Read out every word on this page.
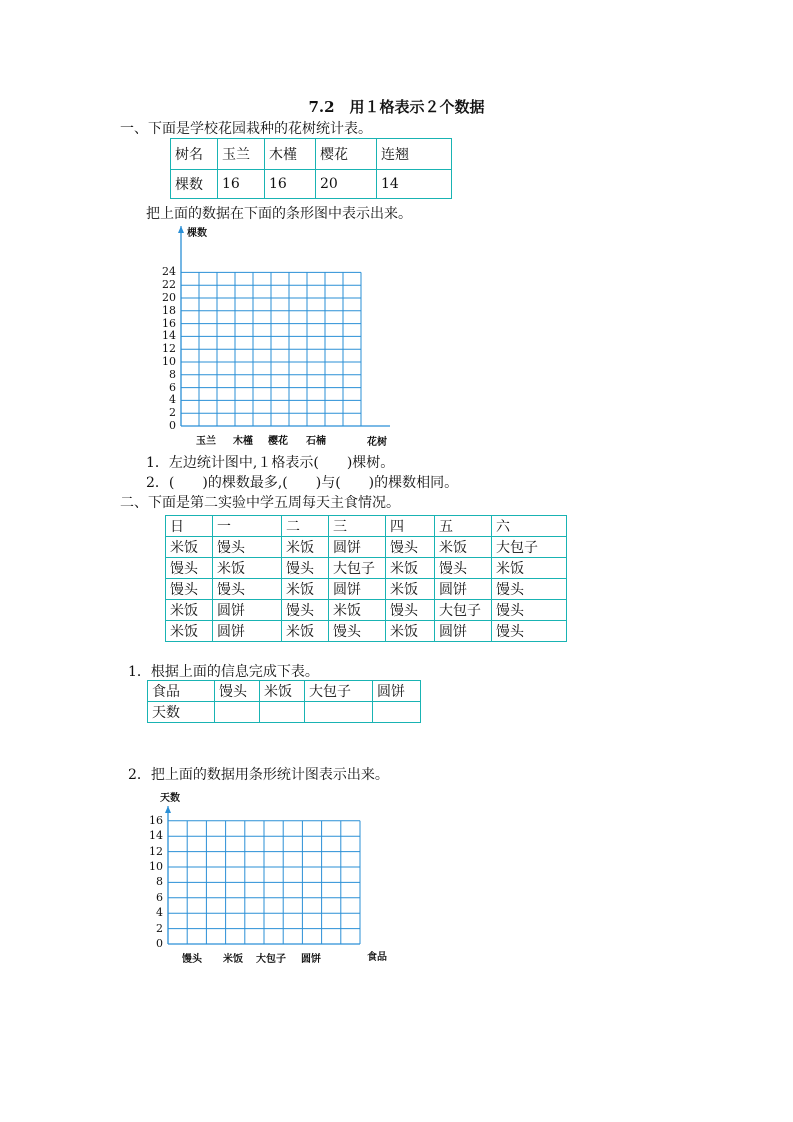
7.2　用１格表示２个数据
一、下面是学校花园栽种的花树统计表。
树名	玉兰	木槿	樱花	连翘
棵数	16	16	20	14
把上面的数据在下面的条形图中表示出来。
棵数
花树
24
22
20
18
16
14
12
10
8
6
4
2
0
玉兰 木槿 樱花 石楠
1．左边统计图中,１格表示(　　)棵树。
2．(　　)的棵数最多,(　　)与(　　)的棵数相同。
二、下面是第二实验中学五周每天主食情况。
日	一	二	三	四	五	六
米饭	馒头	米饭	圆饼	馒头	米饭	大包子
馒头	米饭	馒头	大包子	米饭	馒头	米饭
馒头	馒头	米饭	圆饼	米饭	圆饼	馒头
米饭	圆饼	馒头	米饭	馒头	大包子	馒头
米饭	圆饼	米饭	馒头	米饭	圆饼	馒头
1．根据上面的信息完成下表。
食品	馒头	米饭	大包子	圆饼
天数				
2．把上面的数据用条形统计图表示出来。
天数
食品
16
14
12
10
8
6
4
2
0
馒头 米饭 大包子 圆饼
